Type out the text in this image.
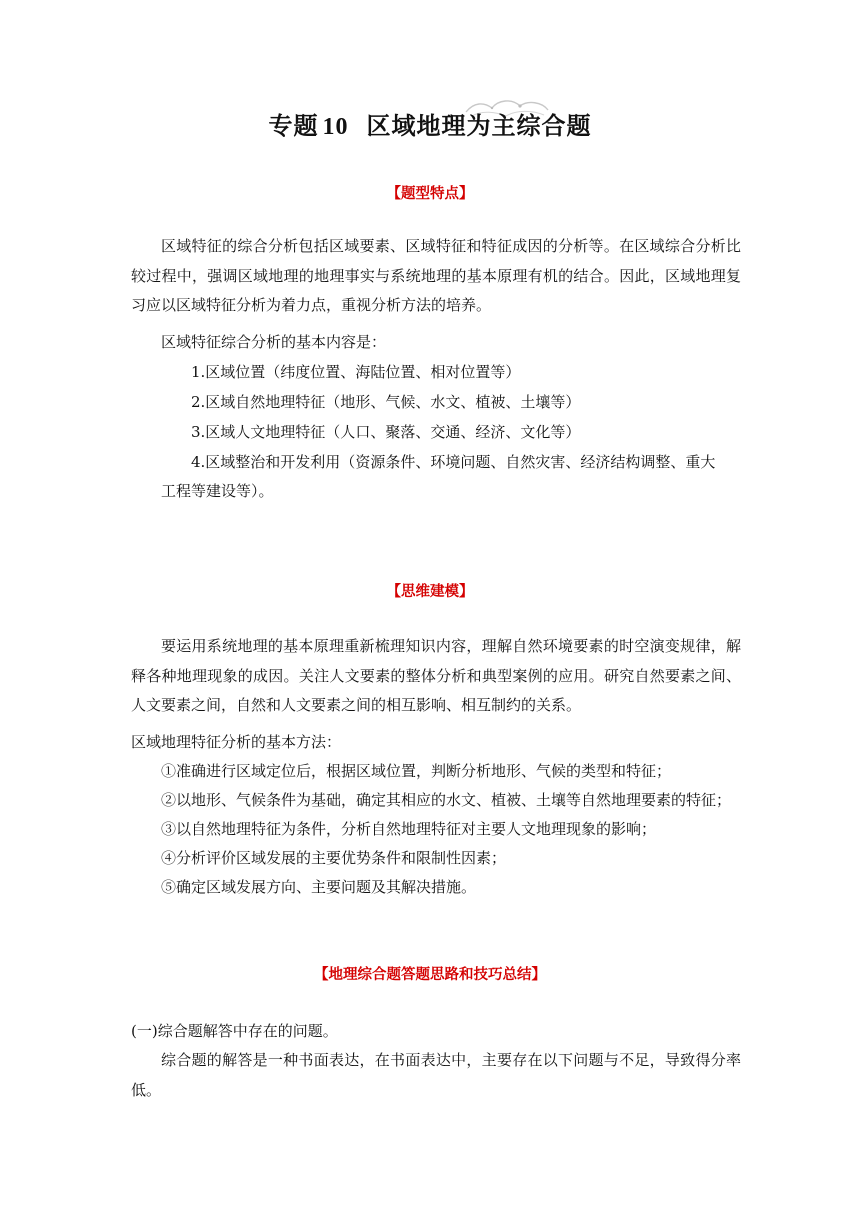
专题 10 区域地理为主综合题
【题型特点】
区域特征的综合分析包括区域要素、区域特征和特征成因的分析等。在区域综合分析比较过程中，强调区域地理的地理事实与系统地理的基本原理有机的结合。因此，区域地理复习应以区域特征分析为着力点，重视分析方法的培养。
区域特征综合分析的基本内容是：
1.区域位置（纬度位置、海陆位置、相对位置等）
2.区域自然地理特征（地形、气候、水文、植被、土壤等）
3.区域人文地理特征（人口、聚落、交通、经济、文化等）
4.区域整治和开发利用（资源条件、环境问题、自然灾害、经济结构调整、重大
工程等建设等）。
【思维建模】
要运用系统地理的基本原理重新梳理知识内容，理解自然环境要素的时空演变规律，解释各种地理现象的成因。关注人文要素的整体分析和典型案例的应用。研究自然要素之间、人文要素之间，自然和人文要素之间的相互影响、相互制约的关系。
区域地理特征分析的基本方法：
①准确进行区域定位后，根据区域位置，判断分析地形、气候的类型和特征；
②以地形、气候条件为基础，确定其相应的水文、植被、土壤等自然地理要素的特征；
③以自然地理特征为条件，分析自然地理特征对主要人文地理现象的影响；
④分析评价区域发展的主要优势条件和限制性因素；
⑤确定区域发展方向、主要问题及其解决措施。
【地理综合题答题思路和技巧总结】
(一)综合题解答中存在的问题。
综合题的解答是一种书面表达，在书面表达中，主要存在以下问题与不足，导致得分率低。
